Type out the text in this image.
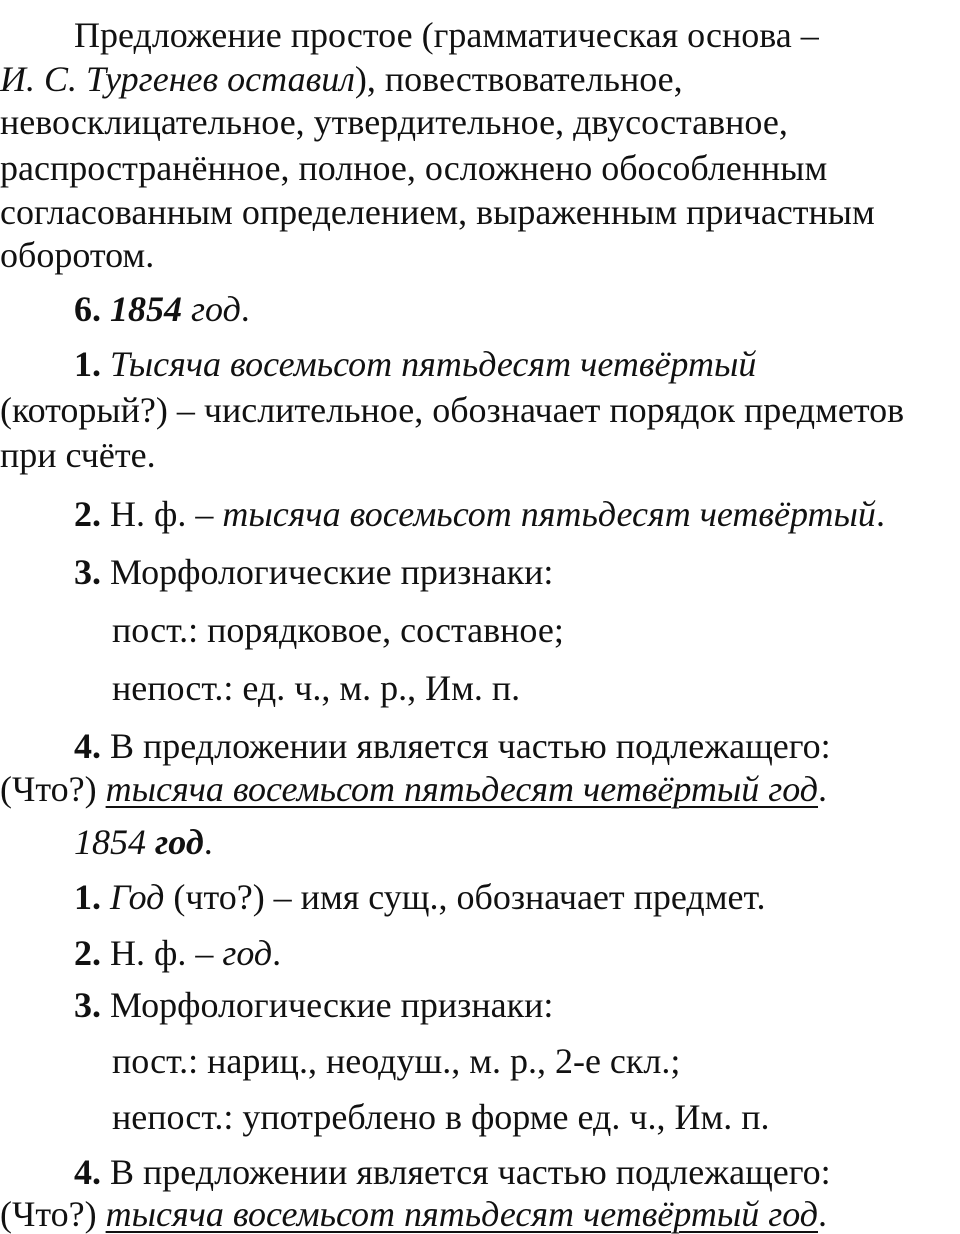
Предложение простое (грамматическая основа –
И. С. Тургенев оставил), повествовательное,
невосклицательное, утвердительное, двусоставное,
распространённое, полное, осложнено обособленным
согласованным определением, выраженным причастным
оборотом.
6. 1854 год.
1. Тысяча восемьсот пятьдесят четвёртый
(который?) – числительное, обозначает порядок предметов
при счёте.
2. Н. ф. – тысяча восемьсот пятьдесят четвёртый.
3. Морфологические признаки:
пост.: порядковое, составное;
непост.: ед. ч., м. р., Им. п.
4. В предложении является частью подлежащего:
(Что?) тысяча восемьсот пятьдесят четвёртый год.
1854 год.
1. Год (что?) – имя сущ., обозначает предмет.
2. Н. ф. – год.
3. Морфологические признаки:
пост.: нариц., неодуш., м. р., 2-е скл.;
непост.: употреблено в форме ед. ч., Им. п.
4. В предложении является частью подлежащего:
(Что?) тысяча восемьсот пятьдесят четвёртый год.
